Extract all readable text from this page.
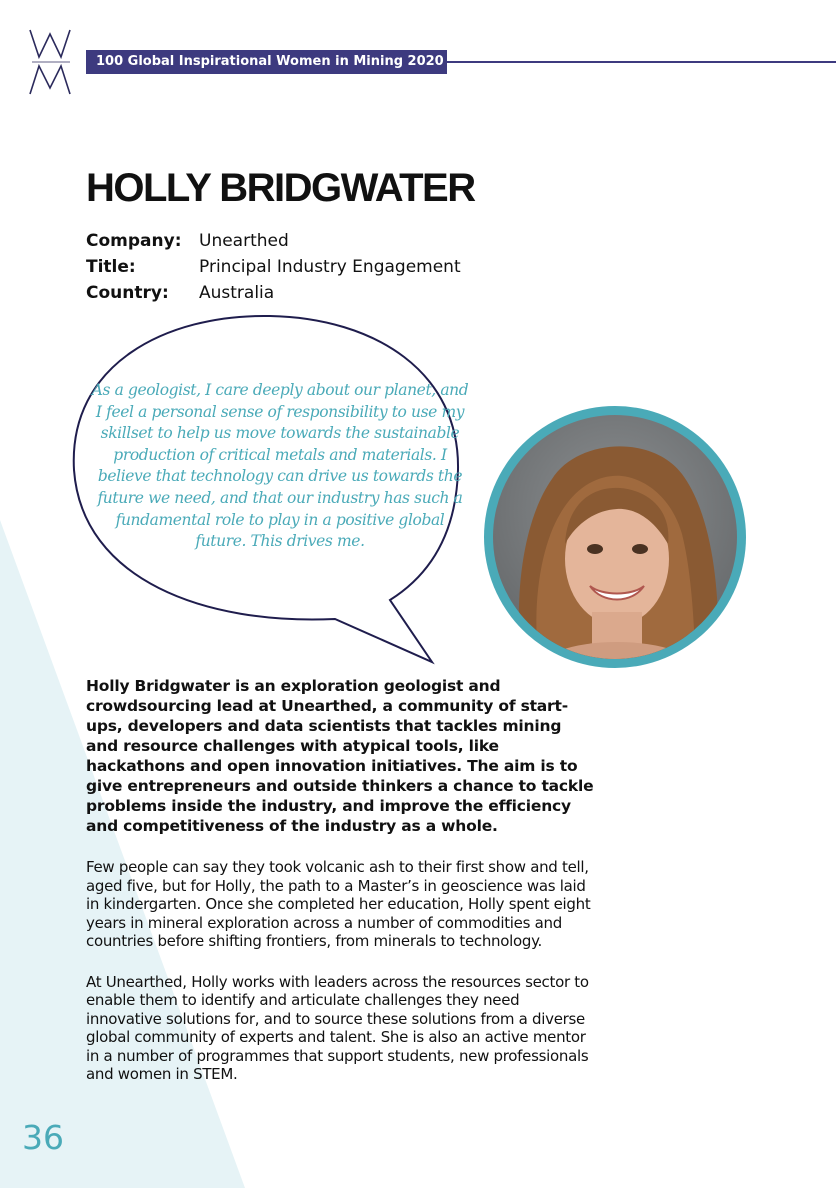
100 Global Inspirational Women in Mining 2020
HOLLY BRIDGWATER
Company:	Unearthed
Title:	Principal Industry Engagement
Country:	Australia

As a geologist, I care deeply about our planet, and I feel a personal sense of responsibility to use my skillset to help us move towards the sustainable production of critical metals and materials. I believe that technology can drive us towards the future we need, and that our industry has such a fundamental role to play in a positive global future. This drives me.

Holly Bridgwater is an exploration geologist and crowdsourcing lead at Unearthed, a community of start-ups, developers and data scientists that tackles mining and resource challenges with atypical tools, like hackathons and open innovation initiatives. The aim is to give entrepreneurs and outside thinkers a chance to tackle problems inside the industry, and improve the efficiency and competitiveness of the industry as a whole.

Few people can say they took volcanic ash to their first show and tell, aged five, but for Holly, the path to a Master’s in geoscience was laid in kindergarten. Once she completed her education, Holly spent eight years in mineral exploration across a number of commodities and countries before shifting frontiers, from minerals to technology.

At Unearthed, Holly works with leaders across the resources sector to enable them to identify and articulate challenges they need innovative solutions for, and to source these solutions from a diverse global community of experts and talent. She is also an active mentor in a number of programmes that support students, new professionals and women in STEM.

36
